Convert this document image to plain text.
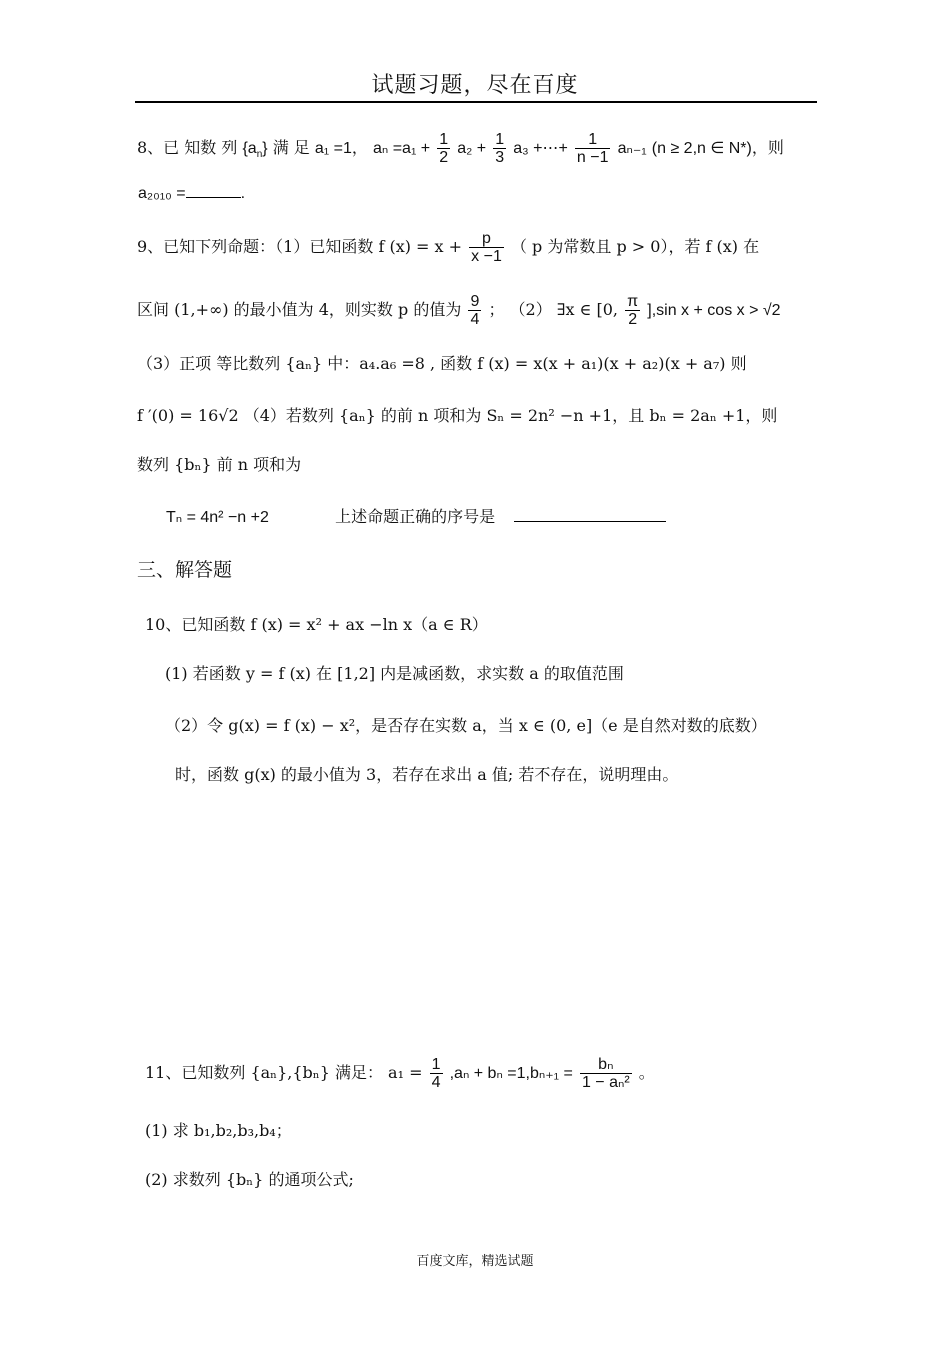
试题习题，尽在百度
8、已 知数 列 $\{a_n\}$ 满 足 a₁ =1， $a_n =a_1 + \frac{1}{2} a_2 + \frac{1}{3} a_3$ +⋯+ $\frac{1}{n -1} a_{n-1}$ (n ≥ 2,n ∈ N*)，则
a₂₀₁₀ =	.
9、已知下列命题：（1）已知函数 f $(x) = x + \frac{p}{x -1}$ （ p 为常数且 p > 0），若 f (x) 在
区间 (1,+∞) 的最小值为 4，则实数 p 的值为 $\frac{9}{4}$ ； （2） ∃x ∈ [0, $\frac{\pi}{2} ],\sin$ x + cos x > √2
（3）正项 等比数列 {aₙ} 中：a₄.a₆ =8 , 函数 f (x) = x(x + a₁)(x + a₂)(x + a₇) 则
f ′(0) = 16√2 （4）若数列 {aₙ} 的前 n 项和为 Sₙ = 2n² −n +1，且 bₙ = 2aₙ +1，则
数列 {bₙ} 前 n 项和为
Tₙ = 4n² −n +2	上述命题正确的序号是
三、解答题
10、已知函数 f (x) = x² + ax −ln x（a ∈ R）
(1) 若函数 y = f (x) 在 [1,2] 内是减函数，求实数 a 的取值范围
（2）令 g(x) = f (x) − x²，是否存在实数 a，当 x ∈ (0, e]（e 是自然对数的底数）
时，函数 g(x) 的最小值为 3，若存在求出 a 值; 若不存在，说明理由。
11、已知数列 {aₙ},{bₙ} 满足： $a_1 = \frac{1}{4} ,a_n + b_n =1,b_{n+1} = \frac{\text{bₙ}}{\text{1 − aₙ²}}$ 。
(1) 求 b₁,b₂,b₃,b₄；
(2) 求数列 {bₙ} 的通项公式;
百度文库，精选试题
